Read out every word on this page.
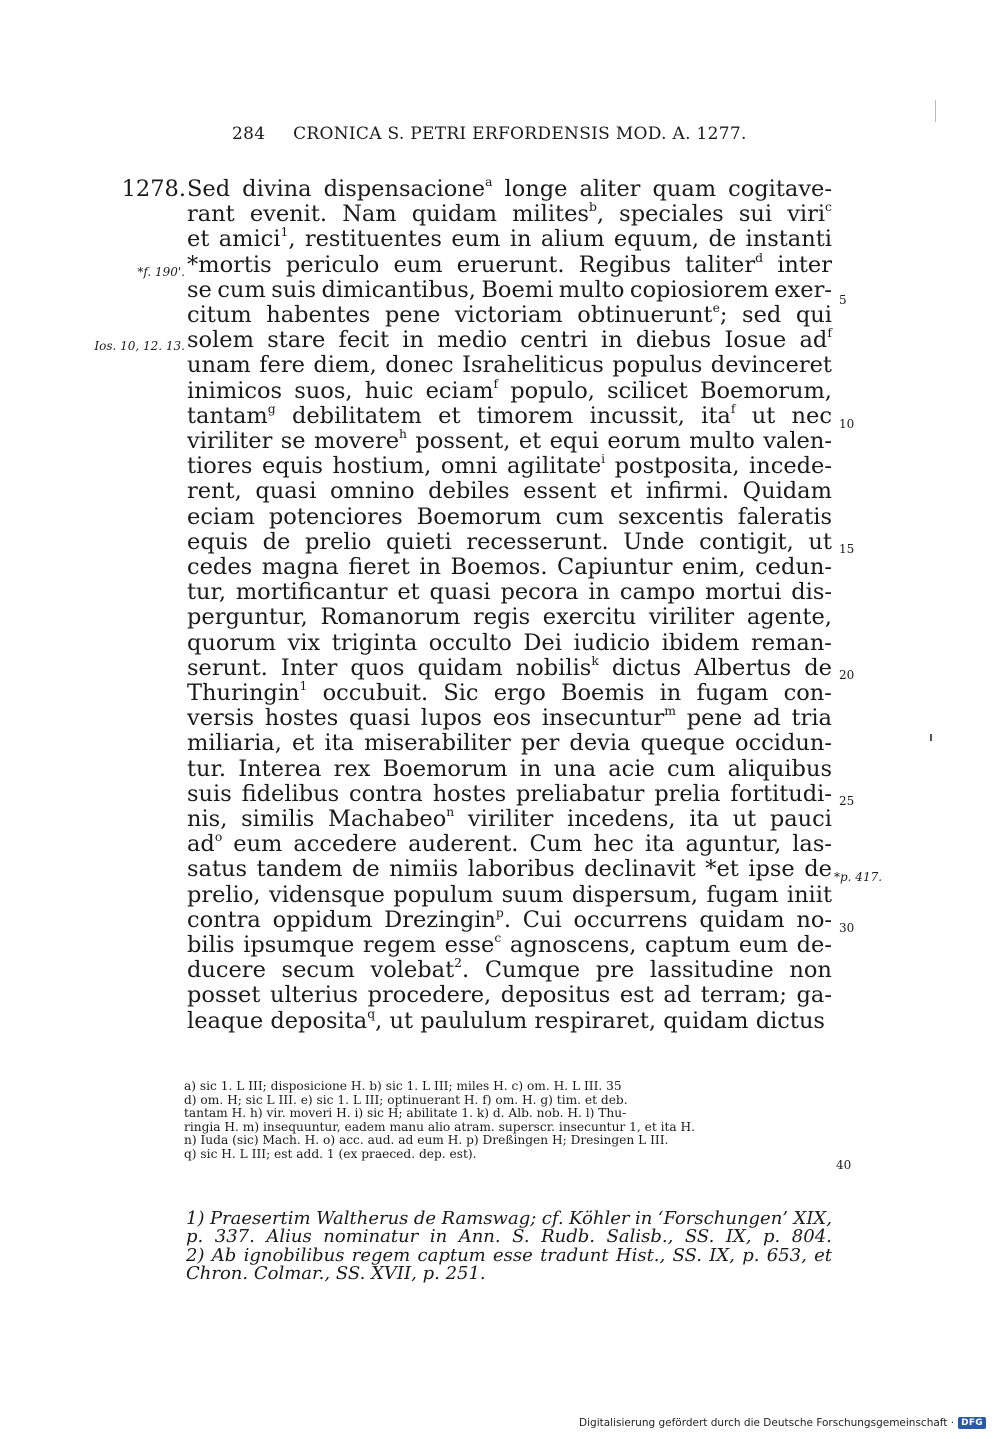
284 CRONICA S. PETRI ERFORDENSIS MOD. A. 1277.
1278.
*f. 190'.
Ios. 10, 12. 13.
*p. 417.
5
10
15
20
25
30
Sed divina dispensacione$^a$ longe aliter quam cogitave-
rant evenit. Nam quidam milites$^b$, speciales sui viri$^c$
et amici$^1$, restituentes eum in alium equum, de instanti
*mortis periculo eum eruerunt. Regibus taliter$^d$ inter
se cum suis dimicantibus, Boemi multo copiosiorem exer-
citum habentes pene victoriam obtinuerunt$^e$; sed qui
solem stare fecit in medio centri in diebus Iosue $ad^f$
unam fere diem, donec Israheliticus populus devinceret
inimicos suos, huic eciam$^f$ populo, scilicet Boemorum,
tantam$^g$ debilitatem et timorem incussit, ita$^f$ ut nec
viriliter se movere$^h$ possent, et equi eorum multo valen-
tiores equis hostium, omni agilitate$^i$ postposita, incede-
rent, quasi omnino debiles essent et infirmi. Quidam
eciam potenciores Boemorum cum sexcentis faleratis
equis de prelio quieti recesserunt. Unde contigit, ut
cedes magna fieret in Boemos. Capiuntur enim, cedun-
tur, mortificantur et quasi pecora in campo mortui dis-
perguntur, Romanorum regis exercitu viriliter agente,
quorum vix triginta occulto Dei iudicio ibidem reman-
serunt. Inter quos quidam nobilis$^k$ dictus Albertus de
Thuringin$^1$ occubuit. Sic ergo Boemis in fugam con-
versis hostes quasi lupos eos insecuntur$^m$ pene ad tria
miliaria, et ita miserabiliter per devia queque occidun-
tur. Interea rex Boemorum in una acie cum aliquibus
suis fidelibus contra hostes preliabatur prelia fortitudi-
nis, similis Machabeo$^n$ viriliter incedens, ita ut pauci
$ad^o$ eum accedere auderent. Cum hec ita aguntur, las-
satus tandem de nimiis laboribus declinavit *et ipse de
prelio, vidensque populum suum dispersum, fugam iniit
contra oppidum Drezingin$^p$. Cui occurrens quidam no-
bilis ipsumque regem esse$^c$ agnoscens, captum eum de-
ducere secum volebat$^2$. Cumque pre lassitudine non
posset ulterius procedere, depositus est ad terram; ga-
leaque deposita$^q$, ut paululum respiraret, quidam dictus
a) sic 1. L III; disposicione H. b) sic 1. L III; miles H. c) om. H. L III. 35
d) om. H; sic L III. e) sic 1. L III; optinuerant H. f) om. H. g) tim. et deb.
tantam H. h) vir. moveri H. i) sic H; abilitate 1. k) d. Alb. nob. H. l) Thu-
ringia H. m) insequuntur, eadem manu alio atram. superscr. insecuntur 1, et ita H.
n) Iuda (sic) Mach. H. o) acc. aud. ad eum H. p) Dreßingen H; Dresingen L III.
q) sic H. L III; est add. 1 (ex praeced. dep. est).
40
1) Praesertim Waltherus de Ramswag; cf. Köhler in ‘Forschungen’ XIX,
p. 337. Alius nominatur in Ann. S. Rudb. Salisb., SS. IX, p. 804.
2) Ab ignobilibus regem captum esse tradunt Hist., SS. IX, p. 653, et
Chron. Colmar., SS. XVII, p. 251.
Digitalisierung gefördert durch die Deutsche Forschungsgemeinschaft · DFG
